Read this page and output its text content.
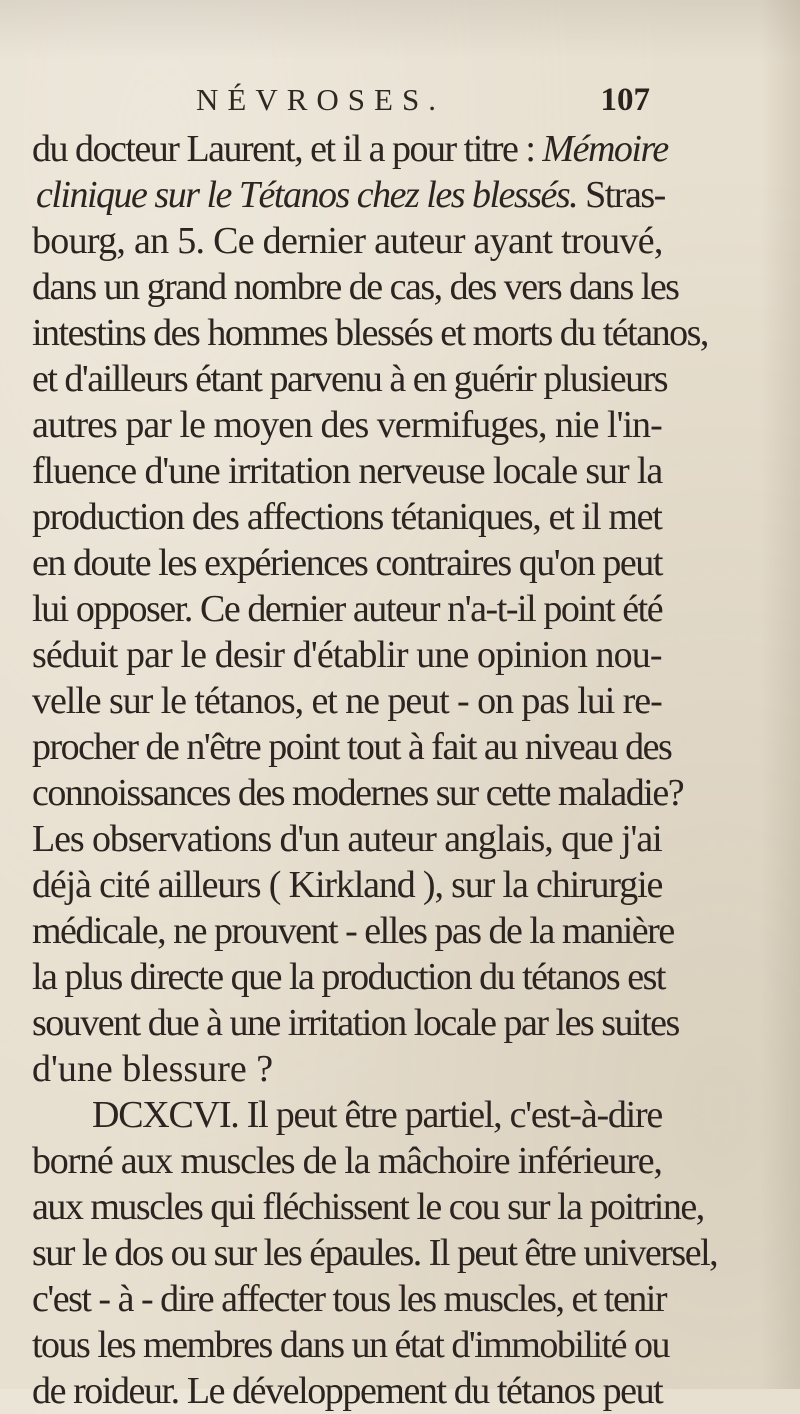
NÉVROSES.	107
du docteur Laurent, et il a pour titre : Mémoire
clinique sur le Tétanos chez les blessés. Stras-
bourg, an 5. Ce dernier auteur ayant trouvé,
dans un grand nombre de cas, des vers dans les
intestins des hommes blessés et morts du tétanos,
et d'ailleurs étant parvenu à en guérir plusieurs
autres par le moyen des vermifuges, nie l'in-
fluence d'une irritation nerveuse locale sur la
production des affections tétaniques, et il met
en doute les expériences contraires qu'on peut
lui opposer. Ce dernier auteur n'a-t-il point été
séduit par le desir d'établir une opinion nou-
velle sur le tétanos, et ne peut - on pas lui re-
procher de n'être point tout à fait au niveau des
connoissances des modernes sur cette maladie?
Les observations d'un auteur anglais, que j'ai
déjà cité ailleurs ( Kirkland ), sur la chirurgie
médicale, ne prouvent - elles pas de la manière
la plus directe que la production du tétanos est
souvent due à une irritation locale par les suites
d'une blessure ?
DCXCVI. Il peut être partiel, c'est-à-dire
borné aux muscles de la mâchoire inférieure,
aux muscles qui fléchissent le cou sur la poitrine,
sur le dos ou sur les épaules. Il peut être universel,
c'est - à - dire affecter tous les muscles, et tenir
tous les membres dans un état d'immobilité ou
de roideur. Le développement du tétanos peut
